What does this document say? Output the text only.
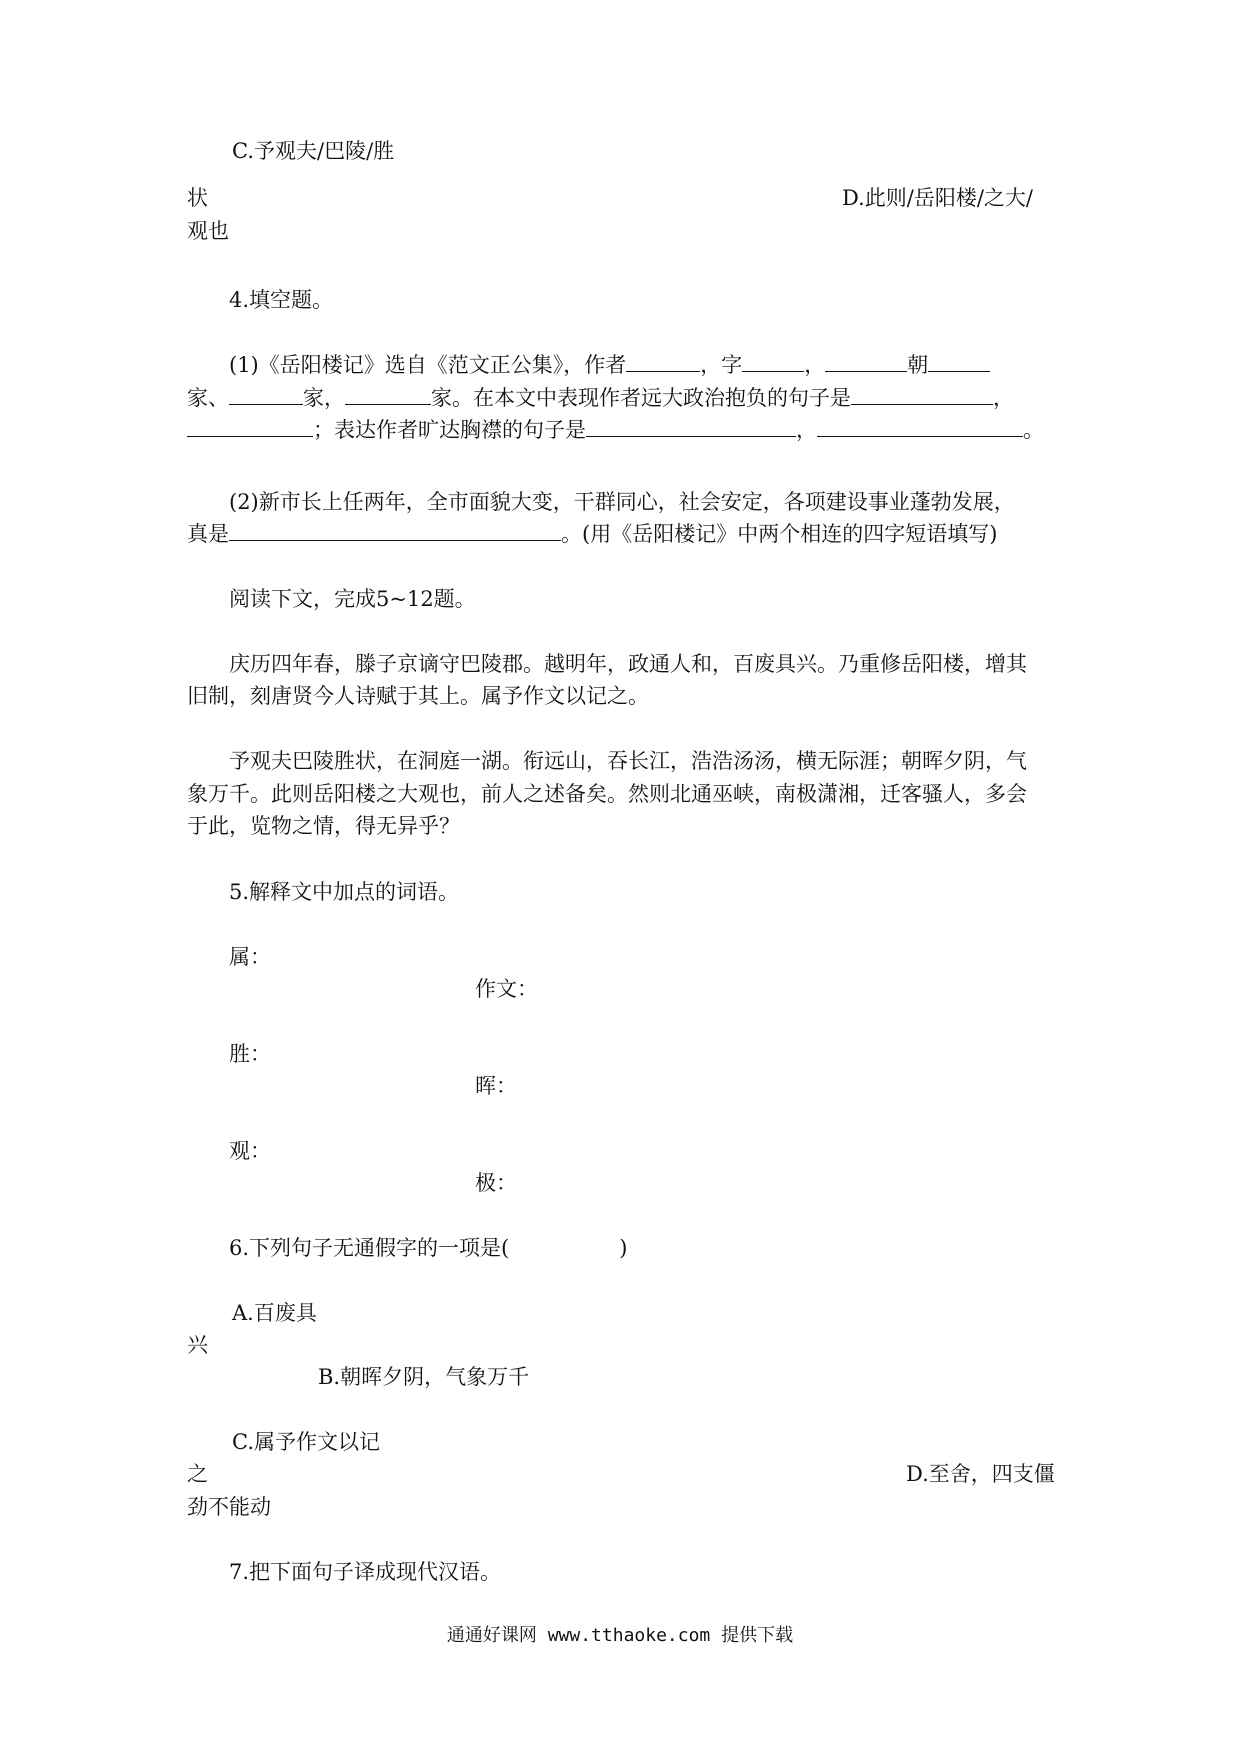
C.予观夫/巴陵/胜
状	D.此则/岳阳楼/之大/
观也
4.填空题。
(1)《岳阳楼记》选自《范文正公集》，作者	，字	，	朝
家、	家，	家。在本文中表现作者远大政治抱负的句子是	，
；表达作者旷达胸襟的句子是	，	。
(2)新市长上任两年，全市面貌大变，干群同心，社会安定，各项建设事业蓬勃发展，
真是	。(用《岳阳楼记》中两个相连的四字短语填写)
阅读下文，完成5~12题。
庆历四年春，滕子京谪守巴陵郡。越明年，政通人和，百废具兴。乃重修岳阳楼，增其
旧制，刻唐贤今人诗赋于其上。属予作文以记之。
予观夫巴陵胜状，在洞庭一湖。衔远山，吞长江，浩浩汤汤，横无际涯；朝晖夕阴，气
象万千。此则岳阳楼之大观也，前人之述备矣。然则北通巫峡，南极潇湘，迁客骚人，多会
于此，览物之情，得无异乎？
5.解释文中加点的词语。
属：
作文：
胜：
晖：
观：
极：
6.下列句子无通假字的一项是(	)
A.百废具
兴
B.朝晖夕阴，气象万千
C.属予作文以记
之	D.至舍，四支僵
劲不能动
7.把下面句子译成现代汉语。
通通好课网 www.tthaoke.com 提供下载
